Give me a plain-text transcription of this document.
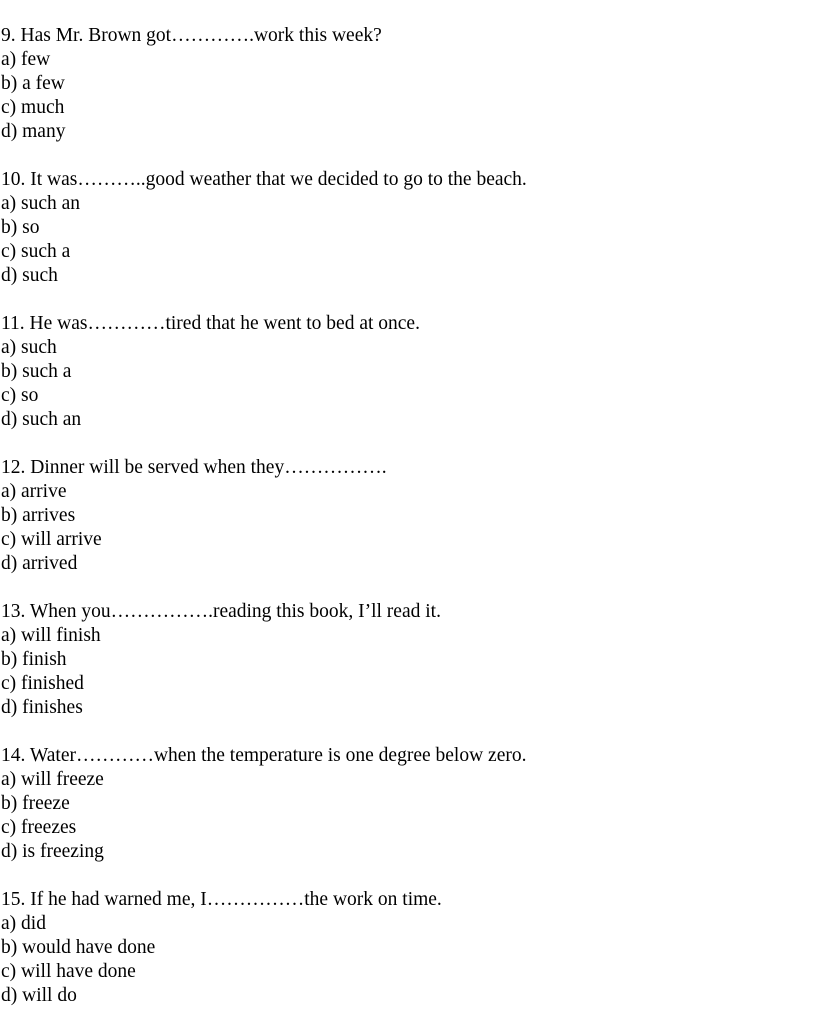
9. Has Mr. Brown got………….work this week?
a) few
b) a few
c) much
d) many
10. It was………..good weather that we decided to go to the beach.
a) such an
b) so
c) such a
d) such
11. He was…………tired that he went to bed at once.
a) such
b) such a
c) so
d) such an
12. Dinner will be served when they…………….
a) arrive
b) arrives
c) will arrive
d) arrived
13. When you…………….reading this book, I’ll read it.
a) will finish
b) finish
c) finished
d) finishes
14. Water…………when the temperature is one degree below zero.
a) will freeze
b) freeze
c) freezes
d) is freezing
15. If he had warned me, I……………the work on time.
a) did
b) would have done
c) will have done
d) will do
